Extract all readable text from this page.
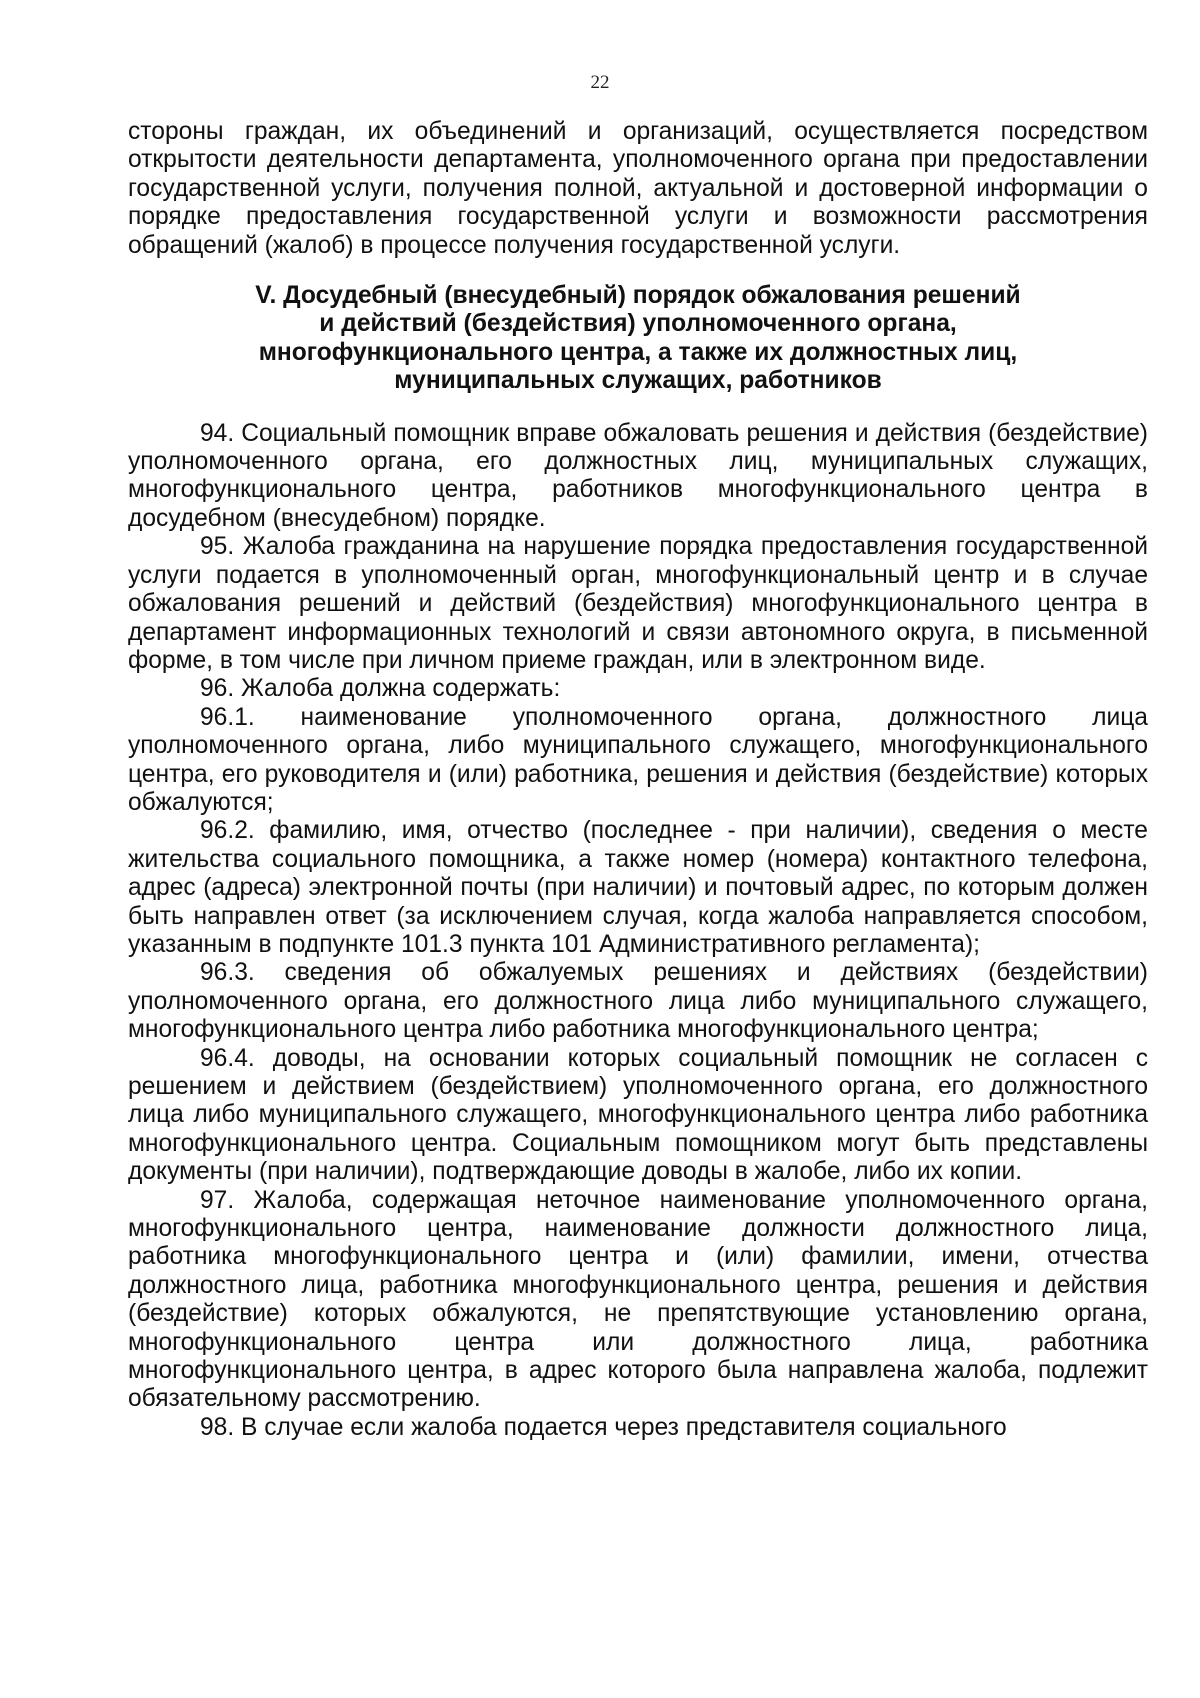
22

стороны граждан, их объединений и организаций, осуществляется посредством открытости деятельности департамента, уполномоченного органа при предоставлении государственной услуги, получения полной, актуальной и достоверной информации о порядке предоставления государственной услуги и возможности рассмотрения обращений (жалоб) в процессе получения государственной услуги.

V. Досудебный (внесудебный) порядок обжалования решений
и действий (бездействия) уполномоченного органа,
многофункционального центра, а также их должностных лиц,
муниципальных служащих, работников

94. Социальный помощник вправе обжаловать решения и действия (бездействие) уполномоченного органа, его должностных лиц, муниципальных служащих, многофункционального центра, работников многофункционального центра в досудебном (внесудебном) порядке.

95. Жалоба гражданина на нарушение порядка предоставления государственной услуги подается в уполномоченный орган, многофункциональный центр и в случае обжалования решений и действий (бездействия) многофункционального центра в департамент информационных технологий и связи автономного округа, в письменной форме, в том числе при личном приеме граждан, или в электронном виде.

96. Жалоба должна содержать:

96.1. наименование уполномоченного органа, должностного лица уполномоченного органа, либо муниципального служащего, многофункционального центра, его руководителя и (или) работника, решения и действия (бездействие) которых обжалуются;

96.2. фамилию, имя, отчество (последнее - при наличии), сведения о месте жительства социального помощника, а также номер (номера) контактного телефона, адрес (адреса) электронной почты (при наличии) и почтовый адрес, по которым должен быть направлен ответ (за исключением случая, когда жалоба направляется способом, указанным в подпункте 101.3 пункта 101 Административного регламента);

96.3. сведения об обжалуемых решениях и действиях (бездействии) уполномоченного органа, его должностного лица либо муниципального служащего, многофункционального центра либо работника многофункционального центра;

96.4. доводы, на основании которых социальный помощник не согласен с решением и действием (бездействием) уполномоченного органа, его должностного лица либо муниципального служащего, многофункционального центра либо работника многофункционального центра. Социальным помощником могут быть представлены документы (при наличии), подтверждающие доводы в жалобе, либо их копии.

97. Жалоба, содержащая неточное наименование уполномоченного органа, многофункционального центра, наименование должности должностного лица, работника многофункционального центра и (или) фамилии, имени, отчества должностного лица, работника многофункционального центра, решения и действия (бездействие) которых обжалуются, не препятствующие установлению органа, многофункционального центра или должностного лица, работника многофункционального центра, в адрес которого была направлена жалоба, подлежит обязательному рассмотрению.

98. В случае если жалоба подается через представителя социального
